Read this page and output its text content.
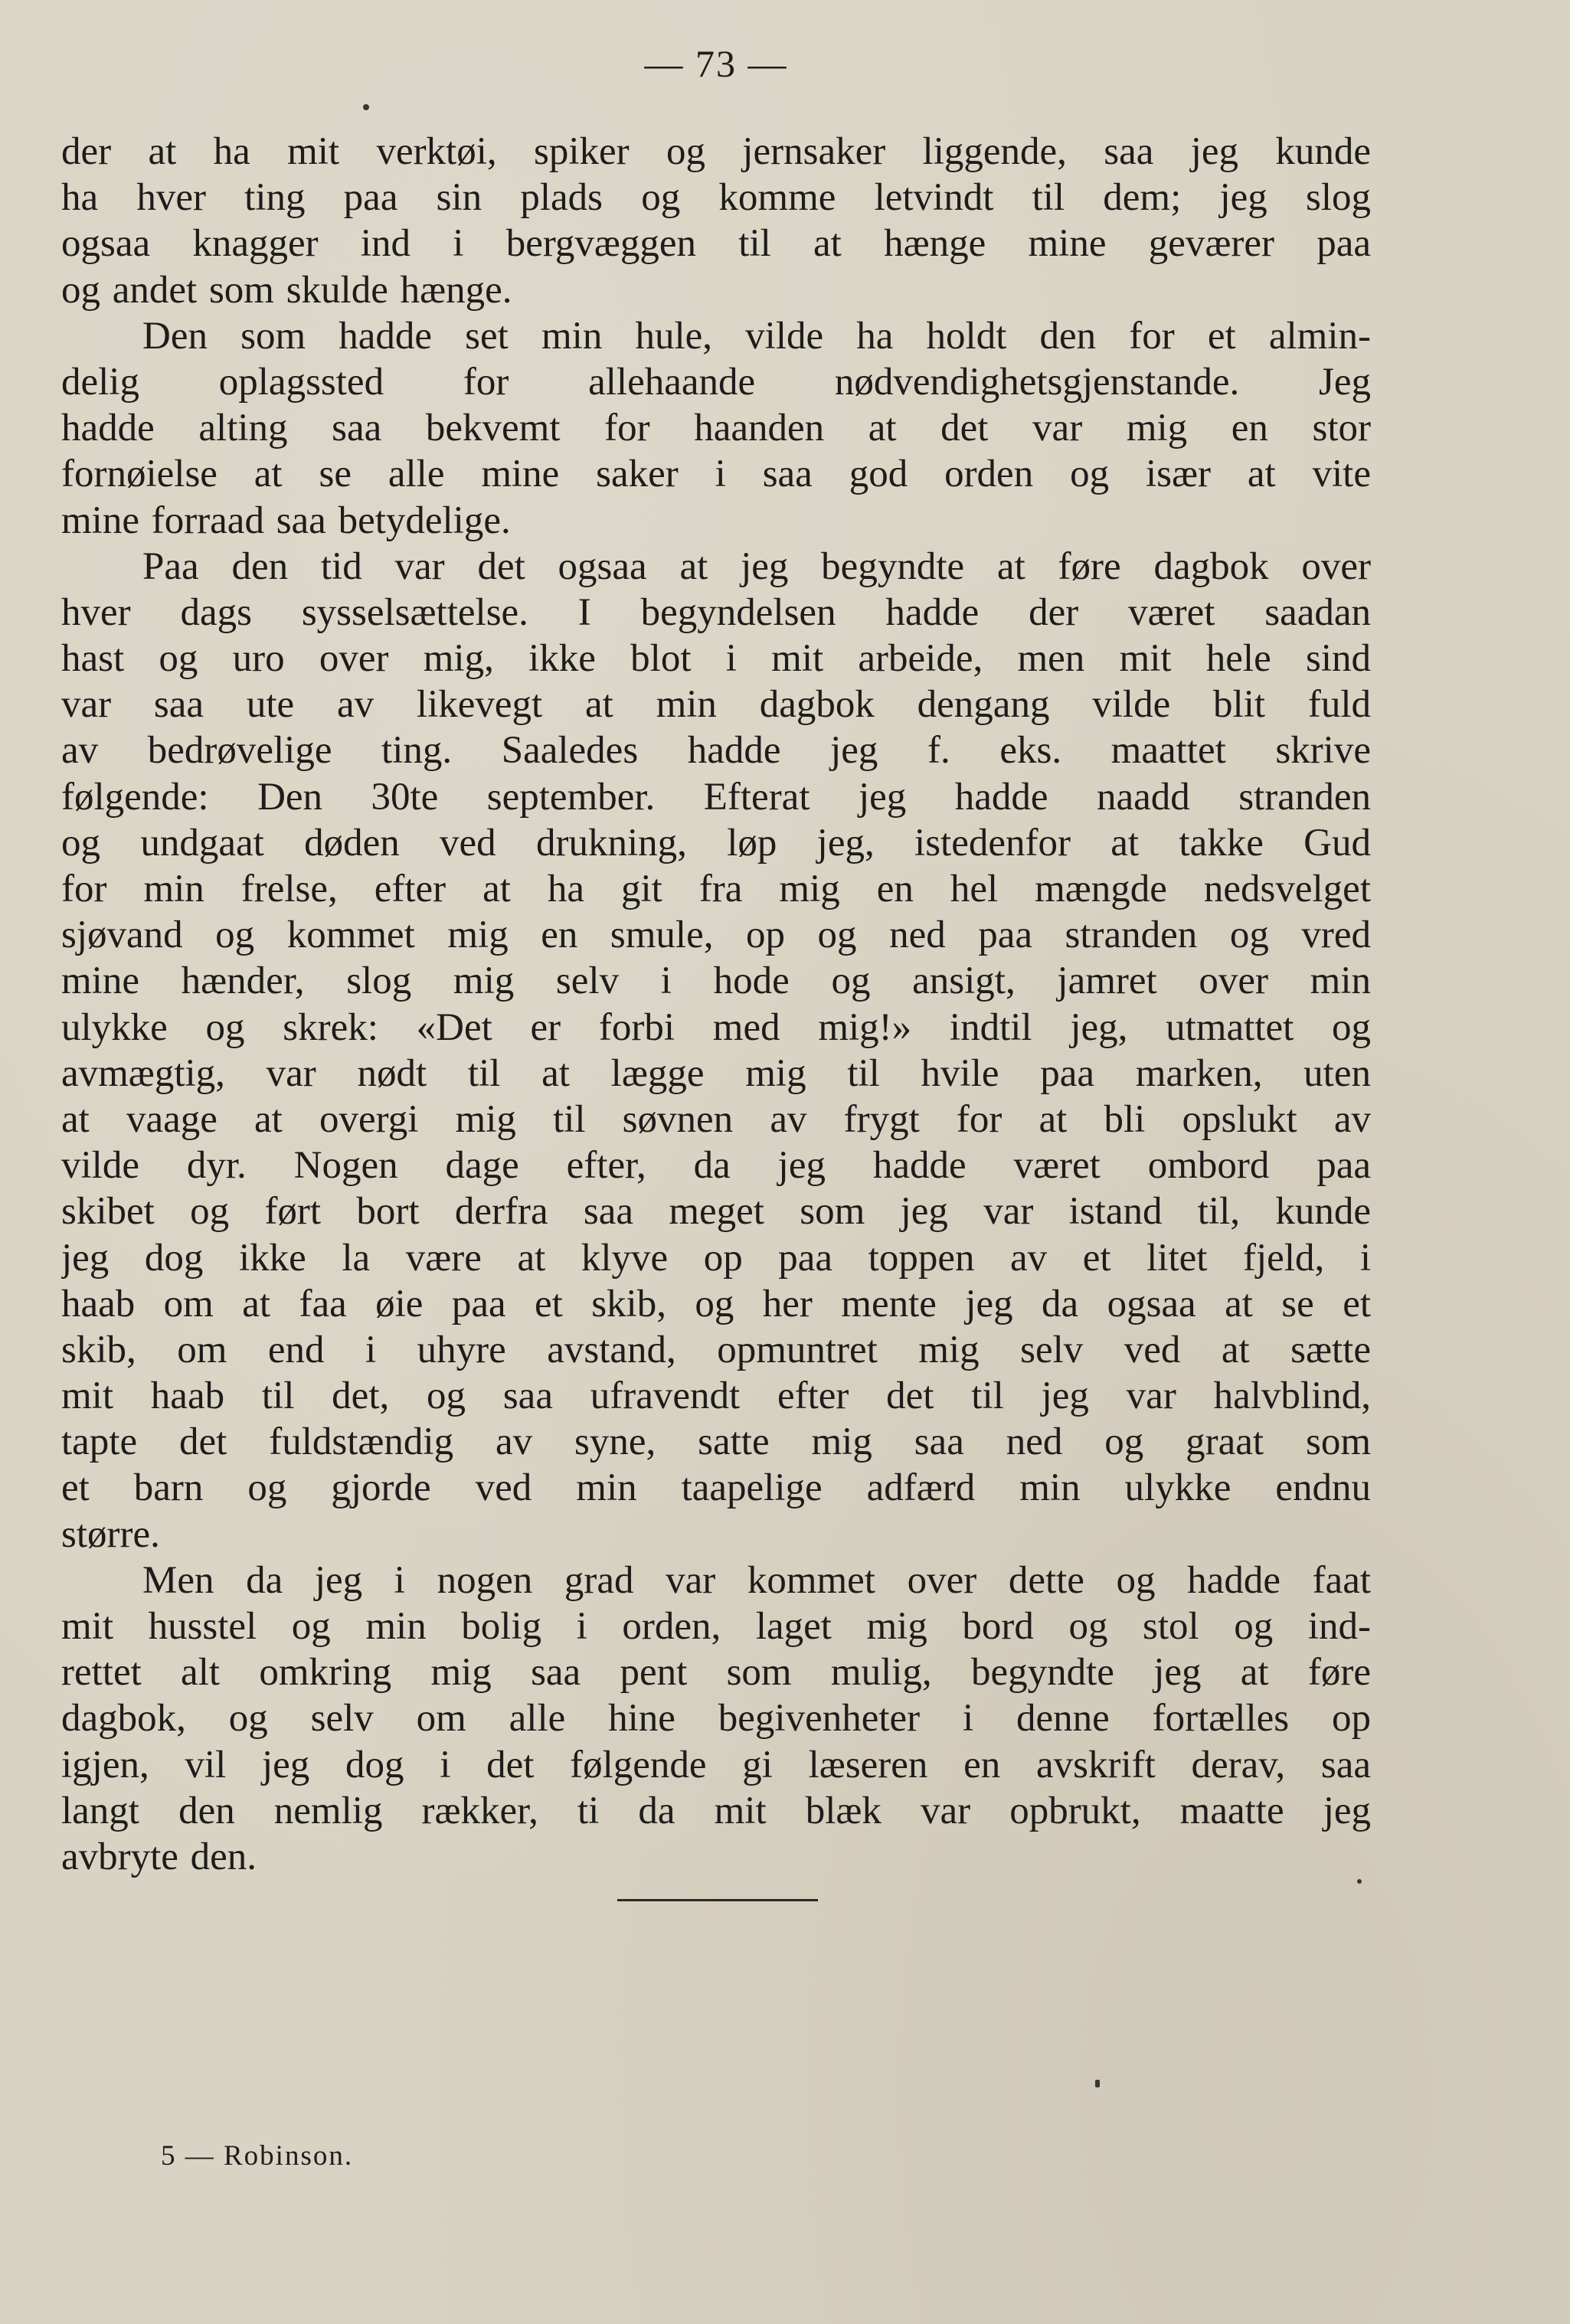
— 73 —

der at ha mit verktøi, spiker og jernsaker liggende, saa jeg kunde
ha hver ting paa sin plads og komme letvindt til dem; jeg slog
ogsaa knagger ind i bergvæggen til at hænge mine geværer paa
og andet som skulde hænge.

Den som hadde set min hule, vilde ha holdt den for et almin-
delig oplagssted for allehaande nødvendighetsgjenstande. Jeg
hadde alting saa bekvemt for haanden at det var mig en stor
fornøielse at se alle mine saker i saa god orden og især at vite
mine forraad saa betydelige.

Paa den tid var det ogsaa at jeg begyndte at føre dagbok over
hver dags sysselsættelse. I begyndelsen hadde der været saadan
hast og uro over mig, ikke blot i mit arbeide, men mit hele sind
var saa ute av likevegt at min dagbok dengang vilde blit fuld
av bedrøvelige ting. Saaledes hadde jeg f. eks. maattet skrive
følgende: Den 30te september. Efterat jeg hadde naadd stranden
og undgaat døden ved drukning, løp jeg, istedenfor at takke Gud
for min frelse, efter at ha git fra mig en hel mængde nedsvelget
sjøvand og kommet mig en smule, op og ned paa stranden og vred
mine hænder, slog mig selv i hode og ansigt, jamret over min
ulykke og skrek: «Det er forbi med mig!» indtil jeg, utmattet og
avmægtig, var nødt til at lægge mig til hvile paa marken, uten
at vaage at overgi mig til søvnen av frygt for at bli opslukt av
vilde dyr. Nogen dage efter, da jeg hadde været ombord paa
skibet og ført bort derfra saa meget som jeg var istand til, kunde
jeg dog ikke la være at klyve op paa toppen av et litet fjeld, i
haab om at faa øie paa et skib, og her mente jeg da ogsaa at se et
skib, om end i uhyre avstand, opmuntret mig selv ved at sætte
mit haab til det, og saa ufravendt efter det til jeg var halvblind,
tapte det fuldstændig av syne, satte mig saa ned og graat som
et barn og gjorde ved min taapelige adfærd min ulykke endnu
større.

Men da jeg i nogen grad var kommet over dette og hadde faat
mit husstel og min bolig i orden, laget mig bord og stol og ind-
rettet alt omkring mig saa pent som mulig, begyndte jeg at føre
dagbok, og selv om alle hine begivenheter i denne fortælles op
igjen, vil jeg dog i det følgende gi læseren en avskrift derav, saa
langt den nemlig rækker, ti da mit blæk var opbrukt, maatte jeg
avbryte den.

5 — Robinson.
